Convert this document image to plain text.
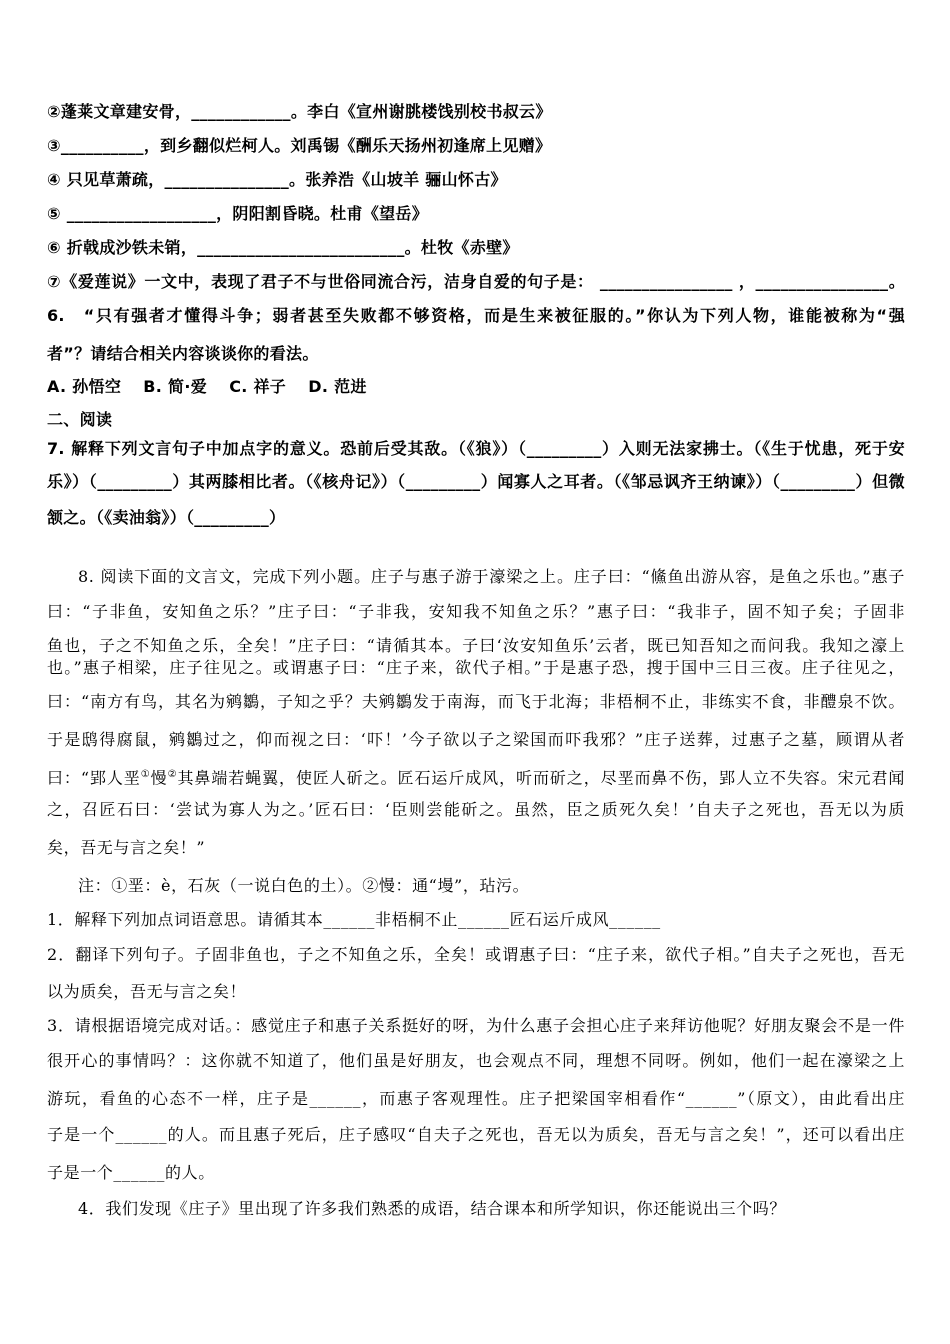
②蓬莱文章建安骨，____________。李白《宣州谢朓楼饯别校书叔云》
③__________，到乡翻似烂柯人。刘禹锡《酬乐天扬州初逢席上见赠》
④ 只见草萧疏，_______________。张养浩《山坡羊 骊山怀古》
⑤ __________________，阴阳割昏晓。杜甫《望岳》
⑥ 折戟成沙铁未销，_________________________。杜牧《赤壁》
⑦《爱莲说》一文中，表现了君子不与世俗同流合污，洁身自爱的句子是： ________________ ，________________。
6.　“只有强者才懂得斗争；弱者甚至失败都不够资格，而是生来被征服的。”你认为下列人物，谁能被称为“强
者”？请结合相关内容谈谈你的看法。
A. 孙悟空　 B. 简·爱　 C. 祥子　 D. 范进
二、阅读
7. 解释下列文言句子中加点字的意义。恐前后受其敌。（《狼》）（_________）入则无法家拂士。（《生于忧患，死于安
乐》）（_________）其两膝相比者。（《核舟记》）（_________）闻寡人之耳者。（《邹忌讽齐王纳谏》）（_________）但微
颔之。（《卖油翁》）（_________）
8. 阅读下面的文言文，完成下列小题。庄子与惠子游于濠梁之上。庄子曰：“鯈鱼出游从容，是鱼之乐也。”惠子
曰：“子非鱼，安知鱼之乐？”庄子曰：“子非我，安知我不知鱼之乐？”惠子曰：“我非子，固不知子矣；子固非
鱼也，子之不知鱼之乐，全矣！”庄子曰：“请循其本。子曰‘汝安知鱼乐’云者，既已知吾知之而问我。我知之濠上
也。”惠子相梁，庄子往见之。或谓惠子曰：“庄子来，欲代子相。”于是惠子恐，搜于国中三日三夜。庄子往见之，
曰：“南方有鸟，其名为鹓鶵，子知之乎？夫鹓鶵发于南海，而飞于北海；非梧桐不止，非练实不食，非醴泉不饮。
于是鸱得腐鼠，鹓鶵过之，仰而视之曰：‘吓！’今子欲以子之梁国而吓我邪？”庄子送葬，过惠子之墓，顾谓从者
曰：“郢人垩①慢②其鼻端若蝇翼，使匠人斫之。匠石运斤成风，听而斫之，尽垩而鼻不伤，郢人立不失容。宋元君闻
之，召匠石曰：‘尝试为寡人为之。’匠石曰：‘臣则尝能斫之。虽然，臣之质死久矣！’自夫子之死也，吾无以为质
矣，吾无与言之矣！”
注：①垩：è，石灰（一说白色的土）。②慢：通“墁”，玷污。
1．解释下列加点词语意思。请循其本______非梧桐不止______匠石运斤成风______
2．翻译下列句子。子固非鱼也，子之不知鱼之乐，全矣！或谓惠子曰：“庄子来，欲代子相。”自夫子之死也，吾无
以为质矣，吾无与言之矣！
3．请根据语境完成对话。：感觉庄子和惠子关系挺好的呀，为什么惠子会担心庄子来拜访他呢？好朋友聚会不是一件
很开心的事情吗？：这你就不知道了，他们虽是好朋友，也会观点不同，理想不同呀。例如，他们一起在濠梁之上
游玩，看鱼的心态不一样，庄子是______，而惠子客观理性。庄子把梁国宰相看作“______”（原文），由此看出庄
子是一个______的人。而且惠子死后，庄子感叹“自夫子之死也，吾无以为质矣，吾无与言之矣！”，还可以看出庄
子是一个______的人。
4．我们发现《庄子》里出现了许多我们熟悉的成语，结合课本和所学知识，你还能说出三个吗？
